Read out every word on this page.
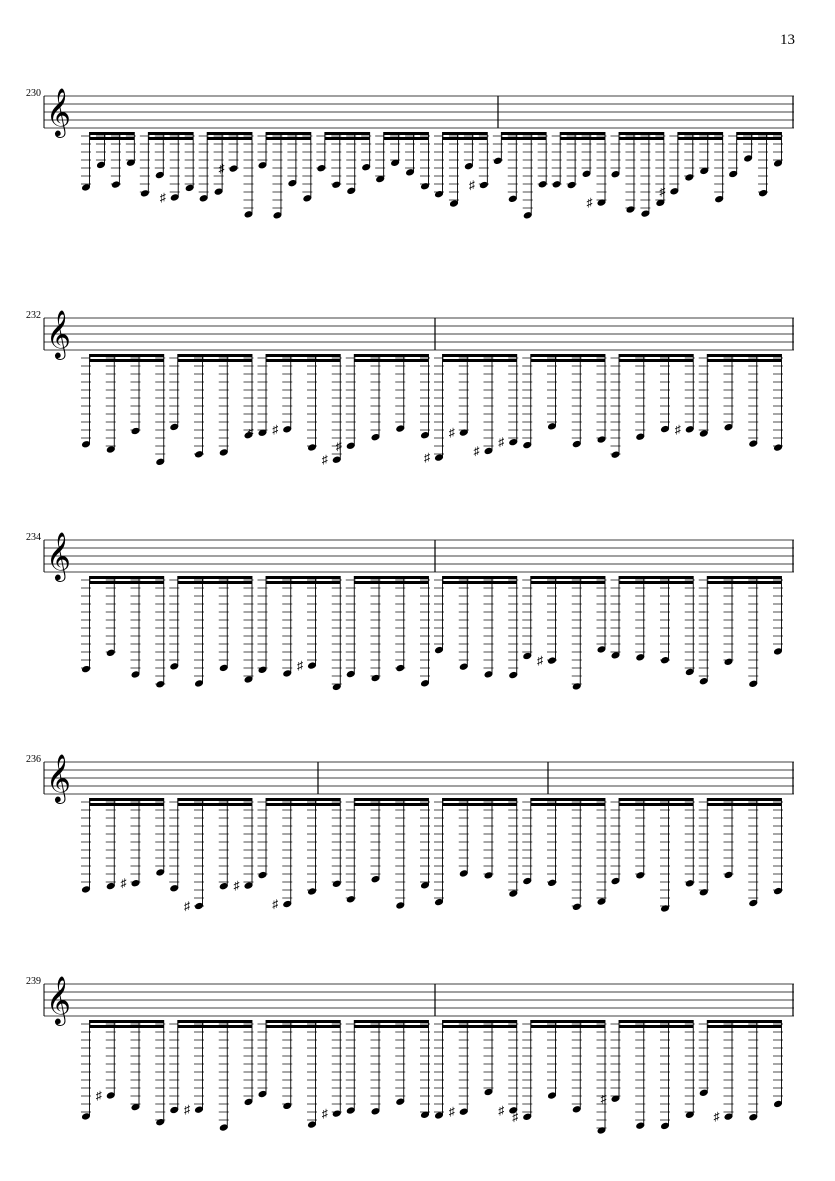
13
230 𝄞
♯
♯
♯
♯
♯
232 𝄞
♯ ♯
♯
♯
♯
♯
♯
♯
♯
234 𝄞
♯	♯
236 𝄞
♯
♯
♯
♯
239 𝄞
♯
♯	♯	♯	♯ ♯
♯
♯
